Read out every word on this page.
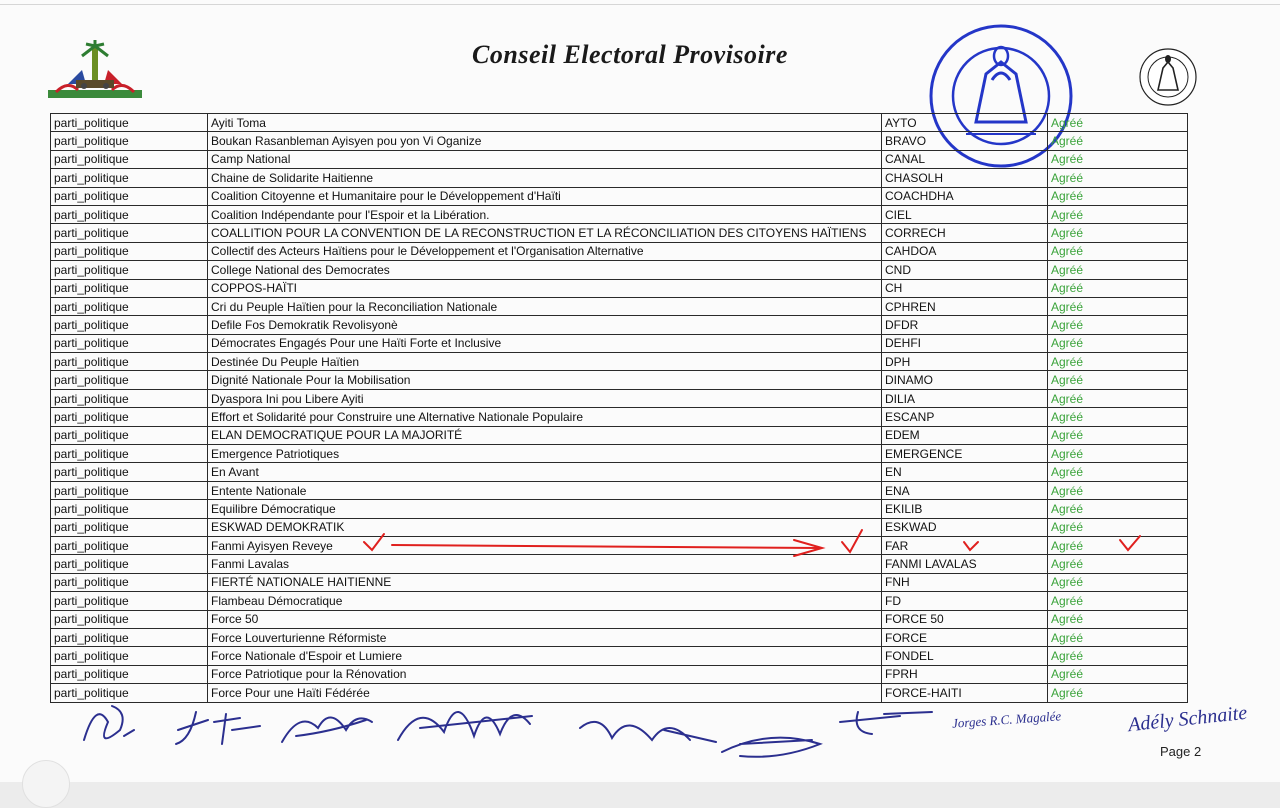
Conseil Electoral Provisoire
parti_politique	Ayiti Toma	AYTO	Agréé
parti_politique	Boukan Rasanbleman Ayisyen pou yon Vi Oganize	BRAVO	Agréé
parti_politique	Camp National	CANAL	Agréé
parti_politique	Chaine de Solidarite Haitienne	CHASOLH	Agréé
parti_politique	Coalition Citoyenne et Humanitaire pour le Développement d'Haïti	COACHDHA	Agréé
parti_politique	Coalition Indépendante pour l'Espoir et la Libération.	CIEL	Agréé
parti_politique	COALLITION POUR LA CONVENTION DE LA RECONSTRUCTION ET LA RÉCONCILIATION DES CITOYENS HAÏTIENS	CORRECH	Agréé
parti_politique	Collectif des Acteurs Haïtiens pour le Développement et l'Organisation Alternative	CAHDOA	Agréé
parti_politique	College National des Democrates	CND	Agréé
parti_politique	COPPOS-HAÏTI	CH	Agréé
parti_politique	Cri du Peuple Haïtien pour la Reconciliation Nationale	CPHREN	Agréé
parti_politique	Defile Fos Demokratik Revolisyonè	DFDR	Agréé
parti_politique	Démocrates Engagés Pour une Haïti Forte et Inclusive	DEHFI	Agréé
parti_politique	Destinée Du Peuple Haïtien	DPH	Agréé
parti_politique	Dignité Nationale Pour la Mobilisation	DINAMO	Agréé
parti_politique	Dyaspora Ini pou Libere Ayiti	DILIA	Agréé
parti_politique	Effort et Solidarité pour Construire une Alternative Nationale Populaire	ESCANP	Agréé
parti_politique	ELAN DEMOCRATIQUE POUR LA MAJORITÉ	EDEM	Agréé
parti_politique	Emergence Patriotiques	EMERGENCE	Agréé
parti_politique	En Avant	EN	Agréé
parti_politique	Entente Nationale	ENA	Agréé
parti_politique	Equilibre Démocratique	EKILIB	Agréé
parti_politique	ESKWAD DEMOKRATIK	ESKWAD	Agréé
parti_politique	Fanmi Ayisyen Reveye	FAR	Agréé
parti_politique	Fanmi Lavalas	FANMI LAVALAS	Agréé
parti_politique	FIERTÉ NATIONALE HAITIENNE	FNH	Agréé
parti_politique	Flambeau Démocratique	FD	Agréé
parti_politique	Force 50	FORCE 50	Agréé
parti_politique	Force Louverturienne Réformiste	FORCE	Agréé
parti_politique	Force Nationale d'Espoir et Lumiere	FONDEL	Agréé
parti_politique	Force Patriotique pour la Rénovation	FPRH	Agréé
parti_politique	Force Pour une Haïti Fédérée	FORCE-HAITI	Agréé
Jorges R.C. Magalée	Adély Schnaite
Page 2
